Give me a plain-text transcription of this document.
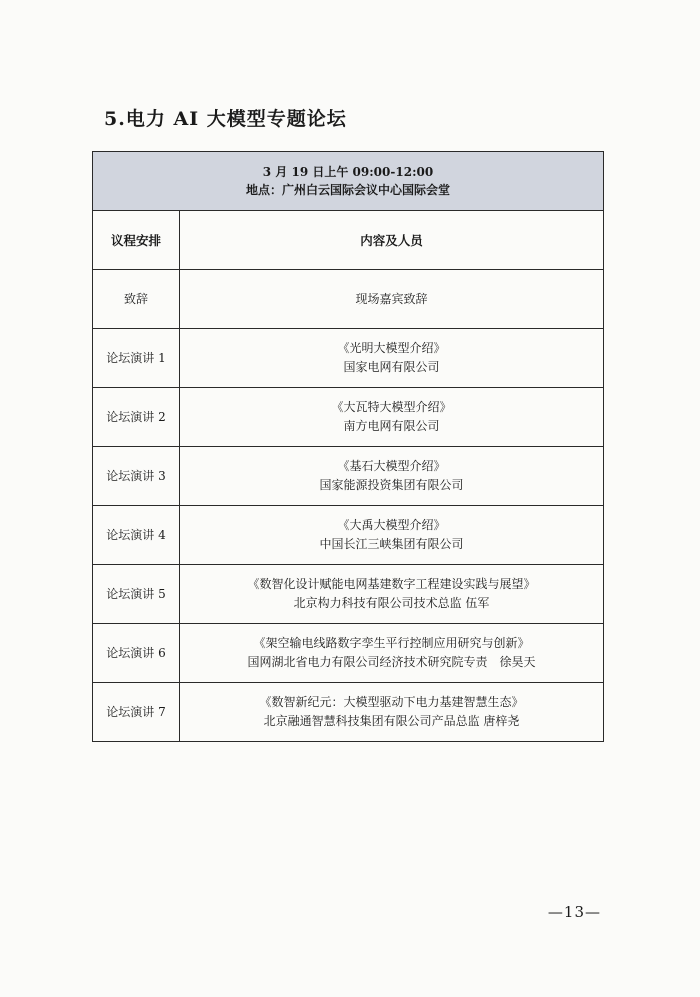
5.电力 AI 大模型专题论坛
3 月 19 日上午 09:00-12:00
地点：广州白云国际会议中心国际会堂	

议程安排	内容及人员
致辞	现场嘉宾致辞

论坛演讲 1	《光明大模型介绍》
国家电网有限公司

论坛演讲 2	《大瓦特大模型介绍》
南方电网有限公司

论坛演讲 3	《基石大模型介绍》
国家能源投资集团有限公司

论坛演讲 4	《大禹大模型介绍》
中国长江三峡集团有限公司

论坛演讲 5	《数智化设计赋能电网基建数字工程建设实践与展望》
北京构力科技有限公司技术总监 伍军

论坛演讲 6	《架空输电线路数字孪生平行控制应用研究与创新》
国网湖北省电力有限公司经济技术研究院专责　徐昊天

论坛演讲 7	《数智新纪元：大模型驱动下电力基建智慧生态》
北京融通智慧科技集团有限公司产品总监 唐梓尧
—13—
